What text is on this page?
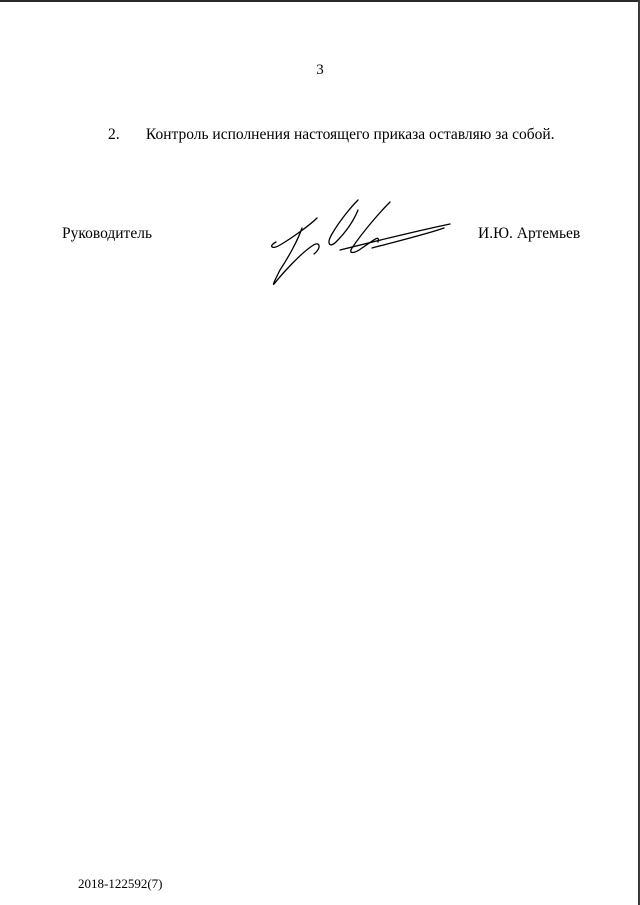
3
2. Контроль исполнения настоящего приказа оставляю за собой.
Руководитель	И.Ю. Артемьев
2018-122592(7)
